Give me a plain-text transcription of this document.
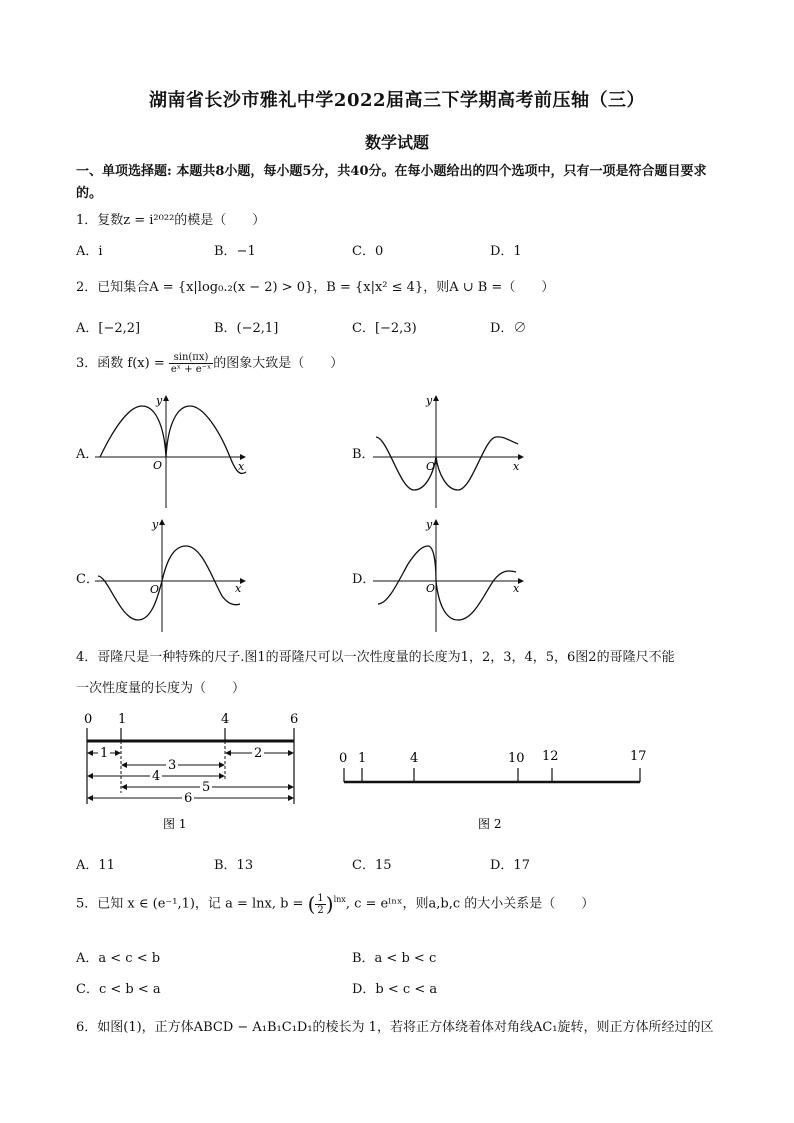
湖南省长沙市雅礼中学2022届高三下学期高考前压轴（三）
数学试题
一、单项选择题: 本题共8小题，每小题5分，共40分。在每小题给出的四个选项中，只有一项是符合题目要求的。
1．复数z = i²⁰²²的模是（　　）
A．i	B．−1	C．0	D．1
2．已知集合A = {x|log₀.₂(x − 2) > 0}，B = {x|x² ≤ 4}，则A ∪ B =（　　）
A．[−2,2]	B．(−2,1]	C．[−2,3)	D．∅
3．函数 $f(x) = \frac{\sin(\pi x)}{\text{eˣ + e⁻ˣ}}$ 的图象大致是（　　）
A．	B．
C．	D．
O	x
y
O	x
y
O	x
y
O	x
y
4．哥隆尺是一种特殊的尺子.图1的哥隆尺可以一次性度量的长度为1，2，3，4，5，6图2的哥隆尺不能
一次性度量的长度为（　　）
0 1	4	6
1	2
3
4
5
6
图 1
0 1	4	10 12	17
图 2
A．11	B．13	C．15	D．17
5．已知 x ∈ (e⁻¹,1)，记 a = lnx, b = ( $\frac{1}{2} )^{lnx}$, c = eˡⁿˣ，则a,b,c 的大小关系是（　　）
A．a < c < b	B．a < b < c
C．c < b < a	D．b < c < a
6．如图(1)，正方体ABCD − A₁B₁C₁D₁的棱长为 1，若将正方体绕着体对角线AC₁旋转，则正方体所经过的区
